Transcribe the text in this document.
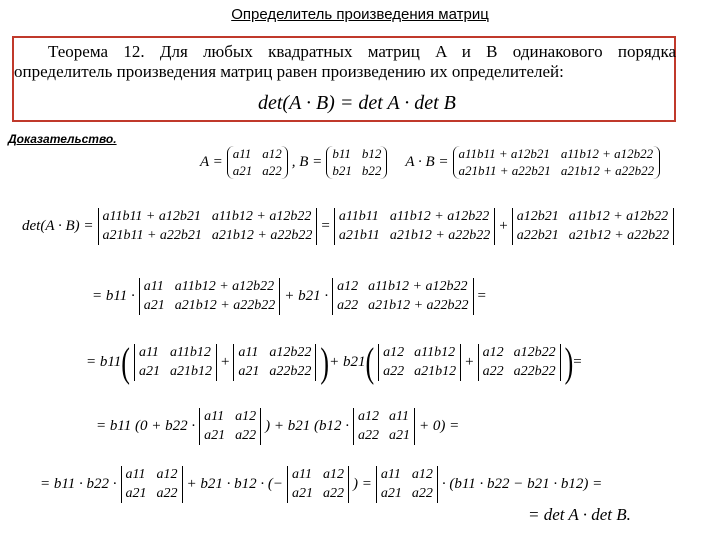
Определитель произведения матриц
Теорема 12. Для любых квадратных матриц A и B одинакового порядка
определитель произведения матриц равен произведению их определителей:
det(A · B) = det A · det B
Доказательство.
A =
a11 a12
a21 a22
, B =
b11 b12
b21 b22
A · B =
a11b11 + a12b21 a11b12 + a12b22
a21b11 + a22b21 a21b12 + a22b22
det(A · B) =
a11b11 + a12b21 a11b12 + a12b22
a21b11 + a22b21 a21b12 + a22b22
=
a11b11 a11b12 + a12b22
a21b11 a21b12 + a22b22
+
a12b21 a11b12 + a12b22
a22b21 a21b12 + a22b22
= b11 ·
a11 a11b12 + a12b22
a21 a21b12 + a22b22
+ b21 ·
a12 a11b12 + a12b22
a22 a21b12 + a22b22
=
= b11 ( a11 a11b12
a21 a21b12
+
a11 a12b22
a21 a22b22 ) + b21 ( a12 a11b12
a22 a21b12
+
a12 a12b22
a22 a22b22 ) =
= b11 (0 + b22 ·
a11 a12
a21 a22
) + b21 (b12 ·
a12 a11
a22 a21
+ 0) =
= b11 · b22 ·
a11 a12
a21 a22
+ b21 · b12 · (−
a11 a12
a21 a22
) =
a11 a12
a21 a22
· (b11 · b22 − b21 · b12) =
= det A · det B.
